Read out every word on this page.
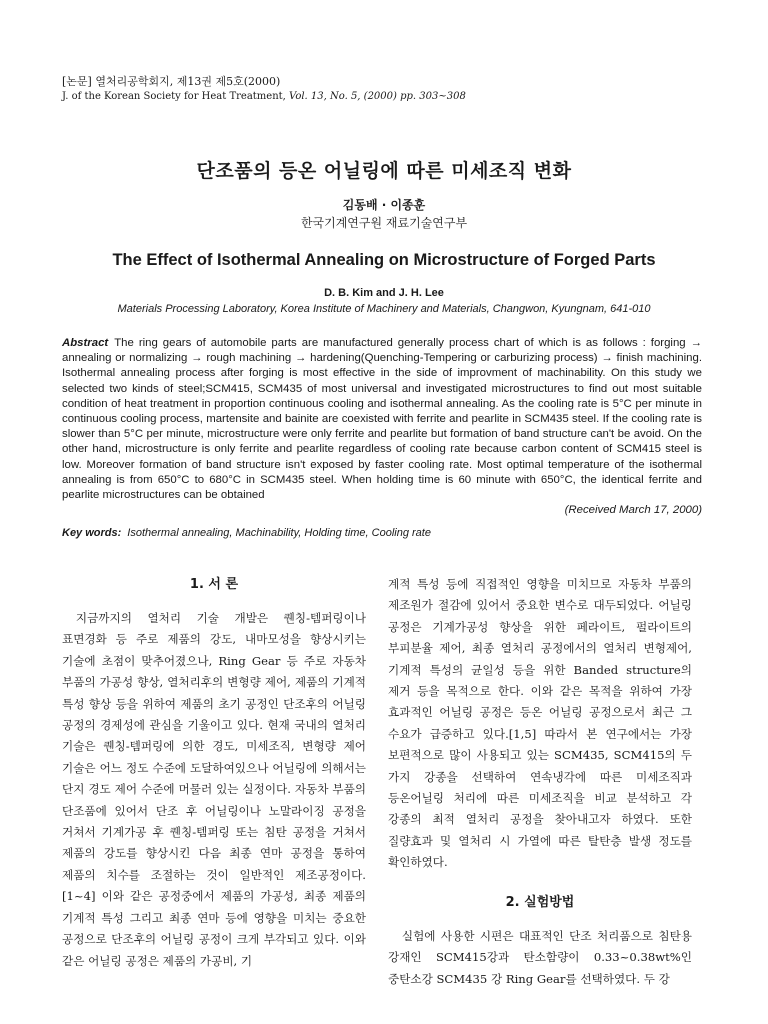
[논문] 열처리공학회지, 제13권 제5호(2000)
J. of the Korean Society for Heat Treatment, Vol. 13, No. 5, (2000) pp. 303~308
단조품의 등온 어닐링에 따른 미세조직 변화
김동배 · 이종훈
한국기계연구원 재료기술연구부
The Effect of Isothermal Annealing on Microstructure of Forged Parts
D. B. Kim and J. H. Lee
Materials Processing Laboratory, Korea Institute of Machinery and Materials, Changwon, Kyungnam, 641-010
Abstract The ring gears of automobile parts are manufactured generally process chart of which is as follows : forging → annealing or normalizing → rough machining → hardening(Quenching-Tempering or carburizing process) → finish machining. Isothermal annealing process after forging is most effective in the side of improvment of machinability. On this study we selected two kinds of steel;SCM415, SCM435 of most universal and investigated microstructures to find out most suitable condition of heat treatment in proportion continuous cooling and isothermal annealing. As the cooling rate is 5°C per minute in continuous cooling process, martensite and bainite are coexisted with ferrite and pearlite in SCM435 steel. If the cooling rate is slower than 5°C per minute, microstructure were only ferrite and pearlite but formation of band structure can't be avoid. On the other hand, microstructure is only ferrite and pearlite regardless of cooling rate because carbon content of SCM415 steel is low. Moreover formation of band structure isn't exposed by faster cooling rate. Most optimal temperature of the isothermal annealing is from 650°C to 680°C in SCM435 steel. When holding time is 60 minute with 650°C, the identical ferrite and pearlite microstructures can be obtained
(Received March 17, 2000)
Key words: Isothermal annealing, Machinability, Holding time, Cooling rate
1. 서 론

지금까지의 열처리 기술 개발은 퀜칭-템퍼링이나 표면경화 등 주로 제품의 강도, 내마모성을 향상시키는 기술에 초점이 맞추어졌으나, Ring Gear 등 주로 자동차 부품의 가공성 향상, 열처리후의 변형량 제어, 제품의 기계적 특성 향상 등을 위하여 제품의 초기 공정인 단조후의 어닐링 공정의 경제성에 관심을 기울이고 있다. 현재 국내의 열처리 기술은 퀜칭-템퍼링에 의한 경도, 미세조직, 변형량 제어 기술은 어느 정도 수준에 도달하여있으나 어닐링에 의해서는 단지 경도 제어 수준에 머물러 있는 실정이다. 자동차 부품의 단조품에 있어서 단조 후 어닐링이나 노말라이징 공정을 거쳐서 기계가공 후 퀜칭-템퍼링 또는 침탄 공정을 거쳐서 제품의 강도를 향상시킨 다음 최종 연마 공정을 통하여 제품의 치수를 조절하는 것이 일반적인 제조공정이다. [1~4] 이와 같은 공정중에서 제품의 가공성, 최종 제품의 기계적 특성 그리고 최종 연마 등에 영향을 미치는 중요한 공정으로 단조후의 어닐링 공정이 크게 부각되고 있다. 이와 같은 어닐링 공정은 제품의 가공비, 기

계적 특성 등에 직접적인 영향을 미치므로 자동차 부품의 제조원가 절감에 있어서 중요한 변수로 대두되었다. 어닐링 공정은 기계가공성 향상을 위한 페라이트, 펄라이트의 부피분율 제어, 최종 열처리 공정에서의 열처리 변형제어, 기계적 특성의 균일성 등을 위한 Banded structure의 제거 등을 목적으로 한다. 이와 같은 목적을 위하여 가장 효과적인 어닐링 공정은 등온 어닐링 공정으로서 최근 그 수요가 급증하고 있다.[1,5] 따라서 본 연구에서는 가장 보편적으로 많이 사용되고 있는 SCM435, SCM415의 두 가지 강종을 선택하여 연속냉각에 따른 미세조직과 등온어닐링 처리에 따른 미세조직을 비교 분석하고 각 강종의 최적 열처리 공정을 찾아내고자 하였다. 또한 질량효과 및 열처리 시 가열에 따른 탈탄층 발생 정도를 확인하였다.

2. 실험방법

실험에 사용한 시편은 대표적인 단조 처리품으로 침탄용 강재인 SCM415강과 탄소함량이 0.33~0.38wt%인 중탄소강 SCM435 강 Ring Gear를 선택하였다. 두 강
